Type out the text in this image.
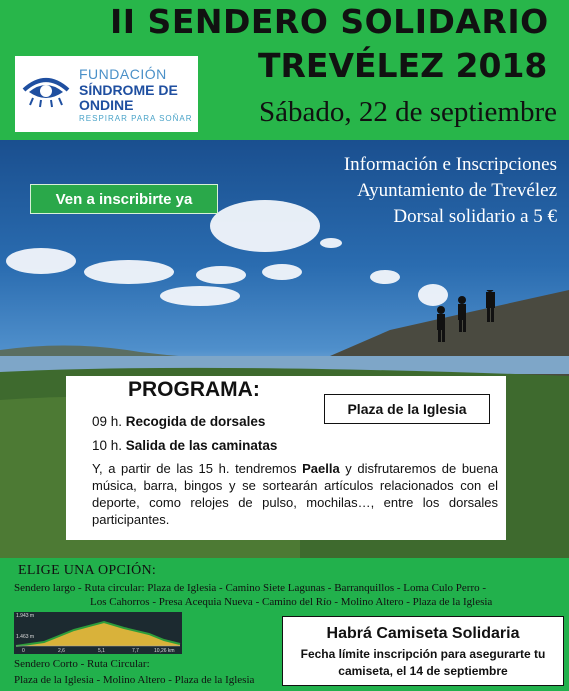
FUNDACIÓN
SÍNDROME DE
ONDINE
RESPIRAR PARA SOÑAR
II SENDERO SOLIDARIO
TREVÉLEZ 2018
Sábado, 22 de septiembre
Información e Inscripciones
Ayuntamiento de Trevélez
Dorsal solidario a 5 €
Ven a inscribirte ya
PROGRAMA:
Plaza de la Iglesia
09 h. Recogida de dorsales
10 h. Salida de las caminatas
Y, a partir de las 15 h. tendremos Paella y disfrutaremos de buena música, barra, bingos y se sortearán artículos relacionados con el deporte, como relojes de pulso, mochilas…, entre los dorsales participantes.
ELIGE UNA OPCIÓN:
Sendero largo - Ruta circular: Plaza de Iglesia - Camino Siete Lagunas - Barranquillos - Loma Culo Perro -
Los Cahorros - Presa Acequia Nueva - Camino del Río - Molino Altero - Plaza de la Iglesia
1.943 m
1.463 m
0	2,6	5,1	7,7	10,26 km
Sendero Corto - Ruta Circular:
Plaza de la Iglesia - Molino Altero - Plaza de la Iglesia
Habrá Camiseta Solidaria
Fecha límite inscripción para asegurarte tu camiseta, el 14 de septiembre
